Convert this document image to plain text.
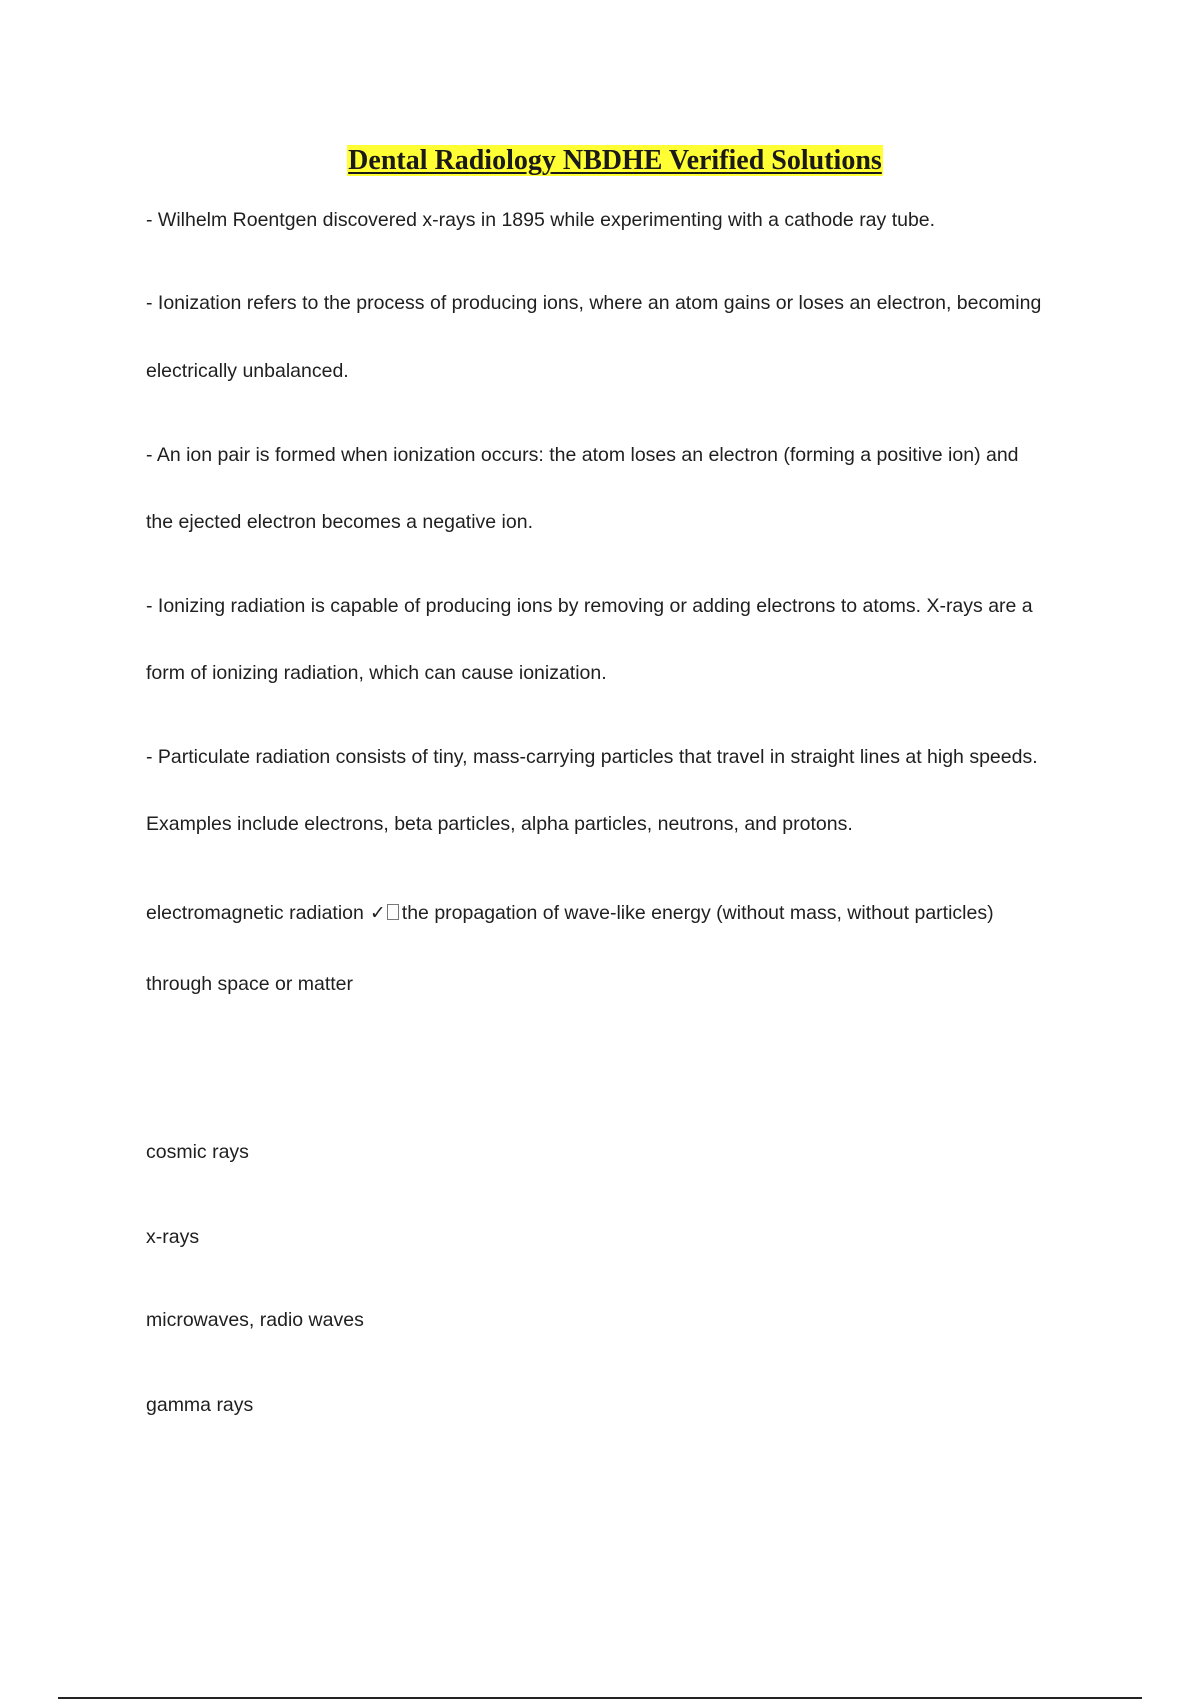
Dental Radiology NBDHE Verified Solutions

- Wilhelm Roentgen discovered x-rays in 1895 while experimenting with a cathode ray tube.

- Ionization refers to the process of producing ions, where an atom gains or loses an electron, becoming

electrically unbalanced.

- An ion pair is formed when ionization occurs: the atom loses an electron (forming a positive ion) and

the ejected electron becomes a negative ion.

- Ionizing radiation is capable of producing ions by removing or adding electrons to atoms. X-rays are a

form of ionizing radiation, which can cause ionization.

- Particulate radiation consists of tiny, mass-carrying particles that travel in straight lines at high speeds.

Examples include electrons, beta particles, alpha particles, neutrons, and protons.

electromagnetic radiation ✓ the propagation of wave-like energy (without mass, without particles)

through space or matter

cosmic rays

x-rays

microwaves, radio waves

gamma rays
